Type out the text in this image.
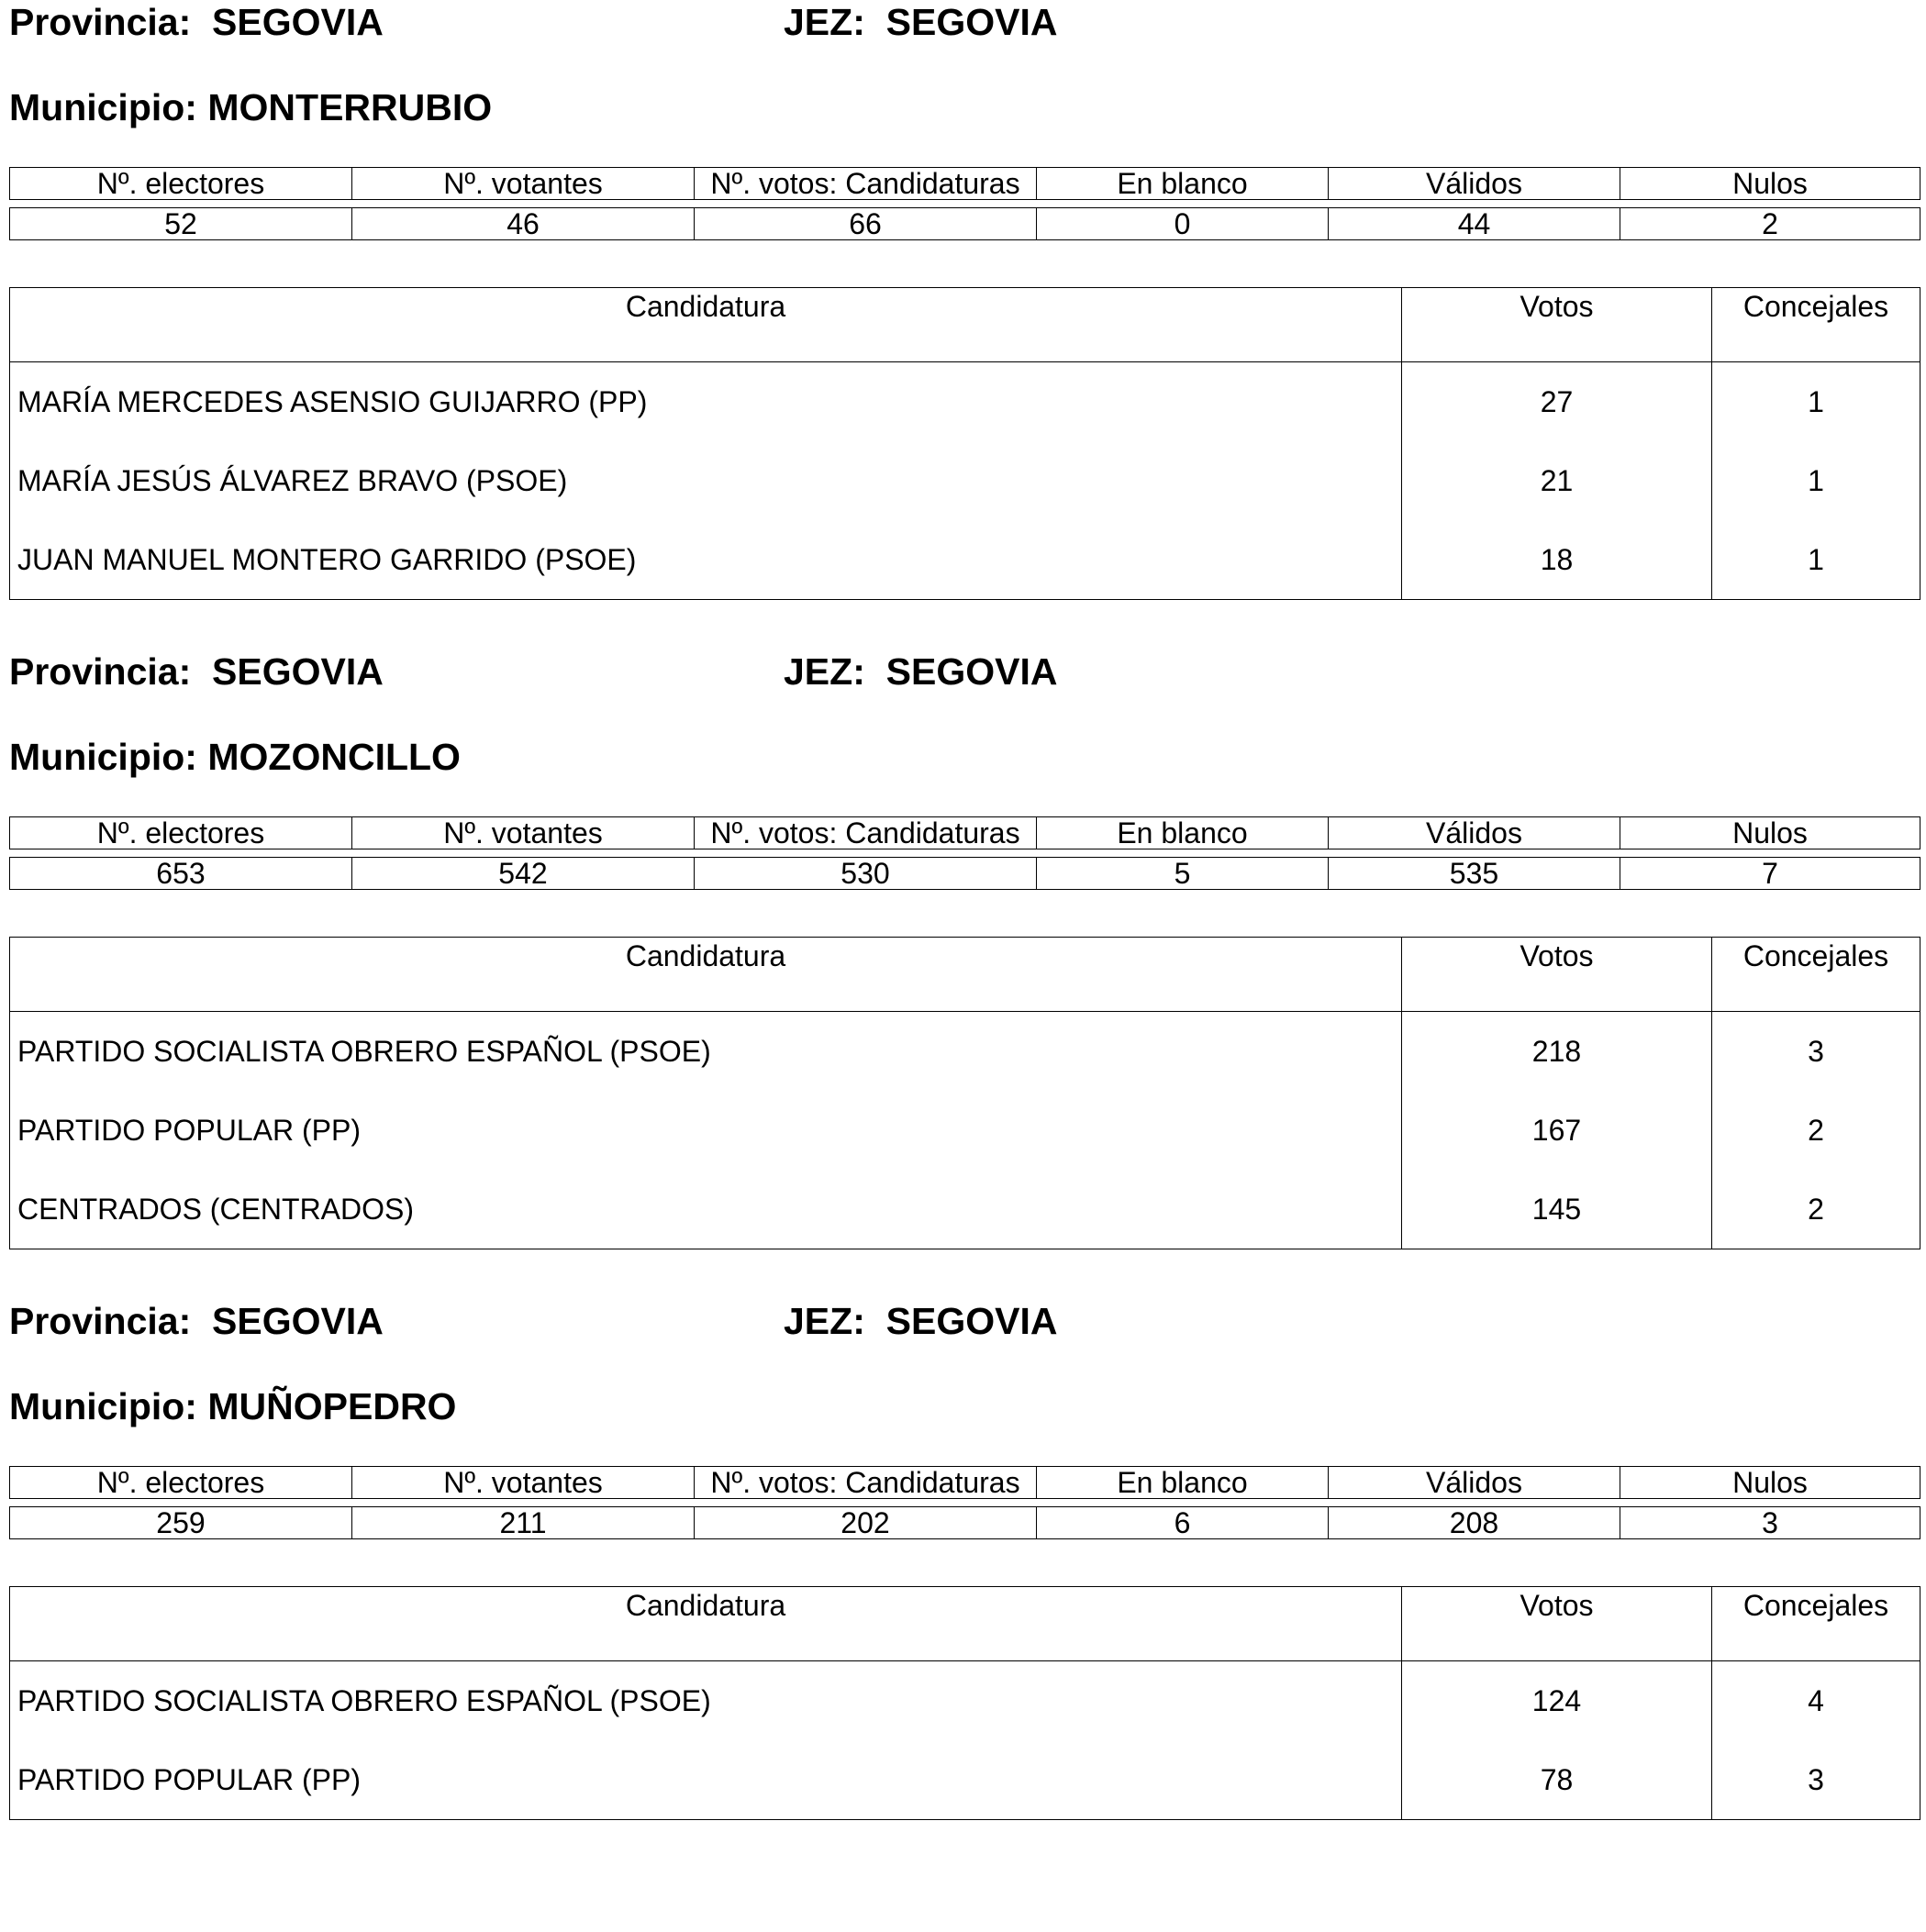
Provincia: SEGOVIA	JEZ: SEGOVIA
Municipio: MONTERRUBIO
Nº. electores	Nº. votantes	Nº. votos: Candidaturas	En blanco	Válidos	Nulos
52	46	66	0	44	2
Candidatura	Votos	Concejales
MARÍA MERCEDES ASENSIO GUIJARRO (PP)	27	1
MARÍA JESÚS ÁLVAREZ BRAVO (PSOE)	21	1
JUAN MANUEL MONTERO GARRIDO (PSOE)	18	1
Provincia: SEGOVIA	JEZ: SEGOVIA
Municipio: MOZONCILLO
Nº. electores	Nº. votantes	Nº. votos: Candidaturas	En blanco	Válidos	Nulos
653	542	530	5	535	7
Candidatura	Votos	Concejales
PARTIDO SOCIALISTA OBRERO ESPAÑOL (PSOE)	218	3
PARTIDO POPULAR (PP)	167	2
CENTRADOS (CENTRADOS)	145	2
Provincia: SEGOVIA	JEZ: SEGOVIA
Municipio: MUÑOPEDRO
Nº. electores	Nº. votantes	Nº. votos: Candidaturas	En blanco	Válidos	Nulos
259	211	202	6	208	3
Candidatura	Votos	Concejales
PARTIDO SOCIALISTA OBRERO ESPAÑOL (PSOE)	124	4
PARTIDO POPULAR (PP)	78	3
